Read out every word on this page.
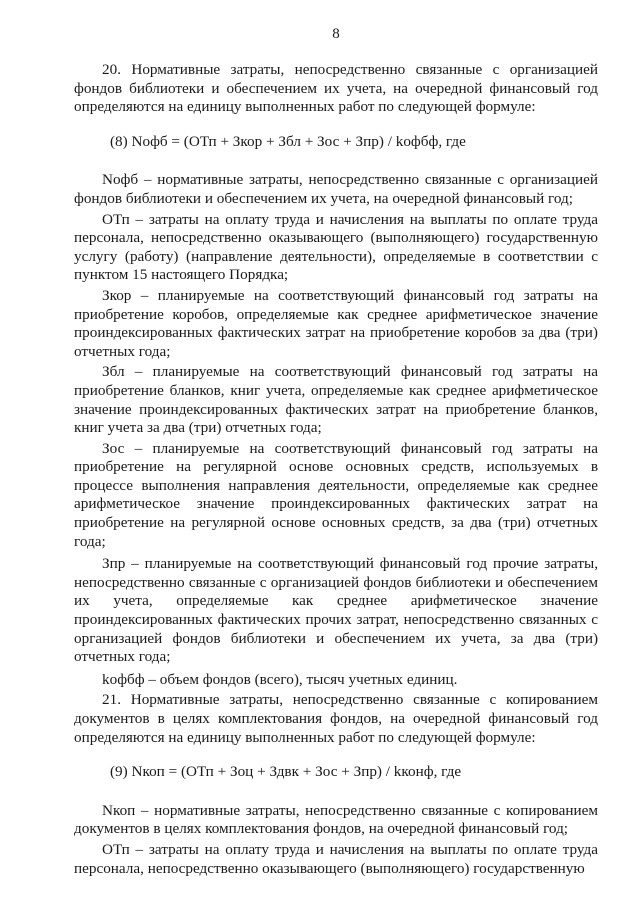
8

20. Нормативные затраты, непосредственно связанные с организацией фондов библиотеки и обеспечением их учета, на очередной финансовый год определяются на единицу выполненных работ по следующей формуле:

(8) Nофб = (ОТп + Зкор + Збл + Зос + Зпр) / kофбф, где

Nофб – нормативные затраты, непосредственно связанные с организацией фондов библиотеки и обеспечением их учета, на очередной финансовый год;

ОТп – затраты на оплату труда и начисления на выплаты по оплате труда персонала, непосредственно оказывающего (выполняющего) государственную услугу (работу) (направление деятельности), определяемые в соответствии с пунктом 15 настоящего Порядка;

Зкор – планируемые на соответствующий финансовый год затраты на приобретение коробов, определяемые как среднее арифметическое значение проиндексированных фактических затрат на приобретение коробов за два (три) отчетных года;

Збл – планируемые на соответствующий финансовый год затраты на приобретение бланков, книг учета, определяемые как среднее арифметическое значение проиндексированных фактических затрат на приобретение бланков, книг учета за два (три) отчетных года;

Зос – планируемые на соответствующий финансовый год затраты на приобретение на регулярной основе основных средств, используемых в процессе выполнения направления деятельности, определяемые как среднее арифметическое значение проиндексированных фактических затрат на приобретение на регулярной основе основных средств, за два (три) отчетных года;

Зпр – планируемые на соответствующий финансовый год прочие затраты, непосредственно связанные с организацией фондов библиотеки и обеспечением их учета, определяемые как среднее арифметическое значение проиндексированных фактических прочих затрат, непосредственно связанных с организацией фондов библиотеки и обеспечением их учета, за два (три) отчетных года;

kофбф – объем фондов (всего), тысяч учетных единиц.

21. Нормативные затраты, непосредственно связанные с копированием документов в целях комплектования фондов, на очередной финансовый год определяются на единицу выполненных работ по следующей формуле:

(9) Nкоп = (ОТп + Зоц + Здвк + Зос + Зпр) / kконф, где

Nкоп – нормативные затраты, непосредственно связанные с копированием документов в целях комплектования фондов, на очередной финансовый год;

ОТп – затраты на оплату труда и начисления на выплаты по оплате труда персонала, непосредственно оказывающего (выполняющего) государственную
